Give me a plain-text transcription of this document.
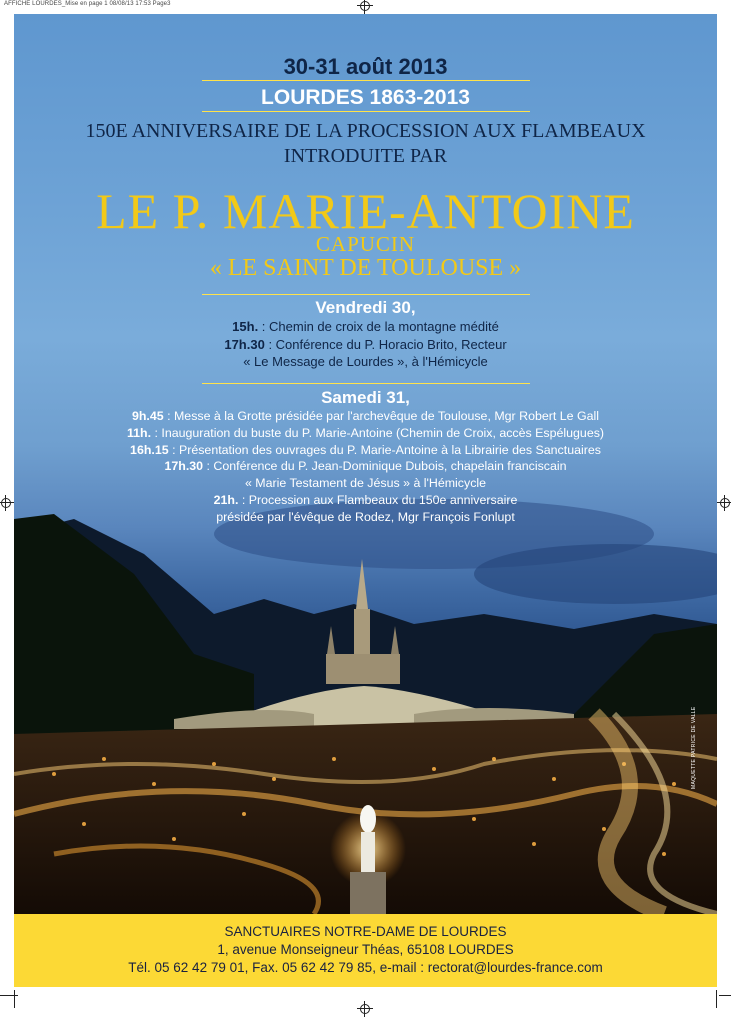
AFFICHE LOURDES_Mise en page 1 08/08/13 17:53 Page3
30-31 août 2013
LOURDES 1863-2013
150E ANNIVERSAIRE DE LA PROCESSION AUX FLAMBEAUX
INTRODUITE PAR
LE P. MARIE-ANTOINE
CAPUCIN
« LE SAINT DE TOULOUSE »
Vendredi 30,
15h. : Chemin de croix de la montagne médité
17h.30 : Conférence du P. Horacio Brito, Recteur
« Le Message de Lourdes », à l'Hémicycle
Samedi 31,
9h.45 : Messe à la Grotte présidée par l'archevêque de Toulouse, Mgr Robert Le Gall
11h. : Inauguration du buste du P. Marie-Antoine (Chemin de Croix, accès Espélugues)
16h.15 : Présentation des ouvrages du P. Marie-Antoine à la Librairie des Sanctuaires
17h.30 : Conférence du P. Jean-Dominique Dubois, chapelain franciscain
« Marie Testament de Jésus » à l'Hémicycle
21h. : Procession aux Flambeaux du 150e anniversaire
présidée par l'évêque de Rodez, Mgr François Fonlupt
MAQUETTE PATRICE DE VALLE
SANCTUAIRES NOTRE-DAME DE LOURDES
1, avenue Monseigneur Théas, 65108 LOURDES
Tél. 05 62 42 79 01, Fax. 05 62 42 79 85, e-mail : rectorat@lourdes-france.com
